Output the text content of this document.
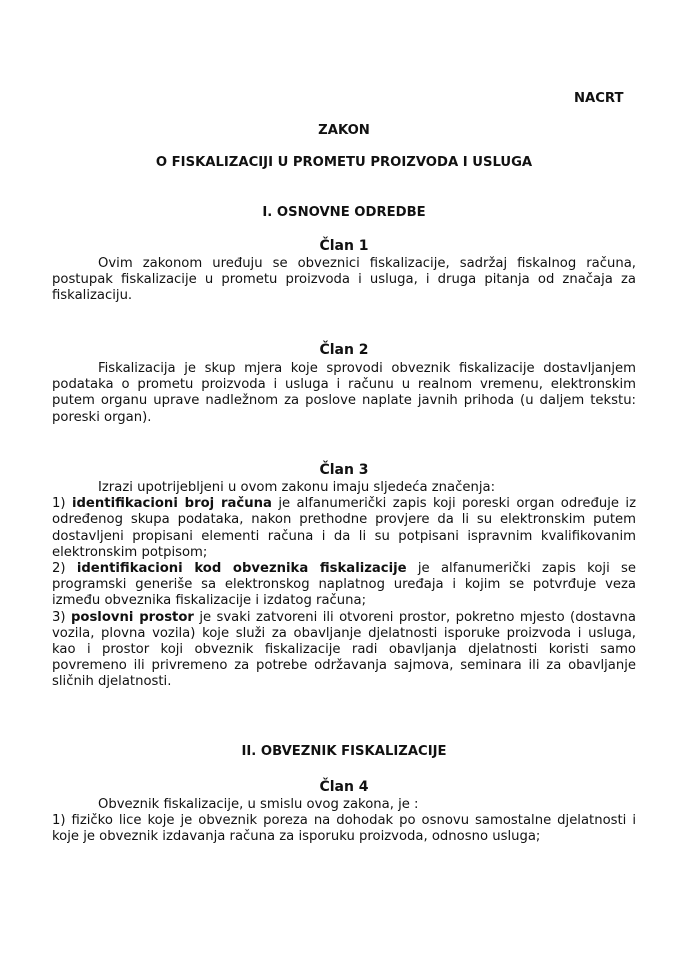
NACRT

ZAKON

O FISKALIZACIJI U PROMETU PROIZVODA I USLUGA

I. OSNOVNE ODREDBE

Član 1

Ovim zakonom uređuju se obveznici fiskalizacije, sadržaj fiskalnog računa,
postupak fiskalizacije u prometu proizvoda i usluga, i druga pitanja od značaja za
fiskalizaciju.

Član 2

Fiskalizacija je skup mjera koje sprovodi obveznik fiskalizacije dostavljanjem
podataka o prometu proizvoda i usluga i računu u realnom vremenu, elektronskim
putem organu uprave nadležnom za poslove naplate javnih prihoda (u daljem tekstu:
poreski organ).

Član 3

Izrazi upotrijebljeni u ovom zakonu imaju sljedeća značenja:
1) identifikacioni broj računa je alfanumerički zapis koji poreski organ određuje iz
određenog skupa podataka, nakon prethodne provjere da li su elektronskim putem
dostavljeni propisani elementi računa i da li su potpisani ispravnim kvalifikovanim
elektronskim potpisom;
2) identifikacioni kod obveznika fiskalizacije je alfanumerički zapis koji se
programski generiše sa elektronskog naplatnog uređaja i kojim se potvrđuje veza
između obveznika fiskalizacije i izdatog računa;
3) poslovni prostor je svaki zatvoreni ili otvoreni prostor, pokretno mjesto (dostavna
vozila, plovna vozila) koje služi za obavljanje djelatnosti isporuke proizvoda i usluga,
kao i prostor koji obveznik fiskalizacije radi obavljanja djelatnosti koristi samo
povremeno ili privremeno za potrebe održavanja sajmova, seminara ili za obavljanje
sličnih djelatnosti.

II. OBVEZNIK FISKALIZACIJE

Član 4

Obveznik fiskalizacije, u smislu ovog zakona, je :
1) fizičko lice koje je obveznik poreza na dohodak po osnovu samostalne djelatnosti i
koje je obveznik izdavanja računa za isporuku proizvoda, odnosno usluga;
